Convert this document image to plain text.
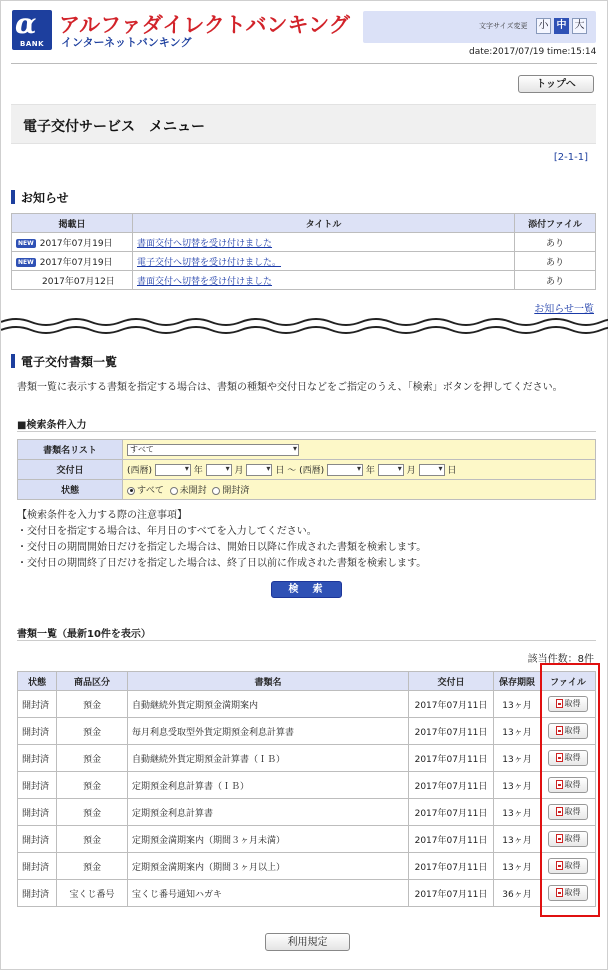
α
BANK
アルファダイレクトバンキング
インターネットバンキング
文字サイズ変更 小 中 大
date:2017/07/19 time:15:14
トップへ
電子交付サービス　メニュー
[2-1-1]
お知らせ
掲載日	タイトル	添付ファイル
NEW 2017年07月19日	書面交付へ切替を受け付けました	あり
NEW 2017年07月19日	電子交付へ切替を受け付けました。	あり
2017年07月12日	書面交付へ切替を受け付けました	あり
お知らせ一覧
電子交付書類一覧
書類一覧に表示する書類を指定する場合は、書類の種類や交付日などをご指定のうえ、「検索」ボタンを押してください。
■検索条件入力
書類名リスト	すべて ▾
交付日	(西暦) ▾ 年 ▾ 月 ▾ 日 ～ (西暦) ▾ 年 ▾ 月 ▾ 日
状態	すべて 未開封 開封済
【検索条件を入力する際の注意事項】
・交付日を指定する場合は、年月日のすべてを入力してください。
・交付日の期間開始日だけを指定した場合は、開始日以降に作成された書類を検索します。
・交付日の期間終了日だけを指定した場合は、終了日以前に作成された書類を検索します。
検　索
書類一覧（最新10件を表示）
該当件数：8件
状態	商品区分	書類名	交付日	保存期限	ファイル
開封済	預金	自動継続外貨定期預金満期案内	2017年07月11日	13ヶ月	取得
開封済	預金	毎月利息受取型外貨定期預金利息計算書	2017年07月11日	13ヶ月	取得
開封済	預金	自動継続外貨定期預金計算書（ＩＢ）	2017年07月11日	13ヶ月	取得
開封済	預金	定期預金利息計算書（ＩＢ）	2017年07月11日	13ヶ月	取得
開封済	預金	定期預金利息計算書	2017年07月11日	13ヶ月	取得
開封済	預金	定期預金満期案内（期間３ヶ月未満）	2017年07月11日	13ヶ月	取得
開封済	預金	定期預金満期案内（期間３ヶ月以上）	2017年07月11日	13ヶ月	取得
開封済	宝くじ番号	宝くじ番号通知ハガキ	2017年07月11日	36ヶ月	取得
利用規定
